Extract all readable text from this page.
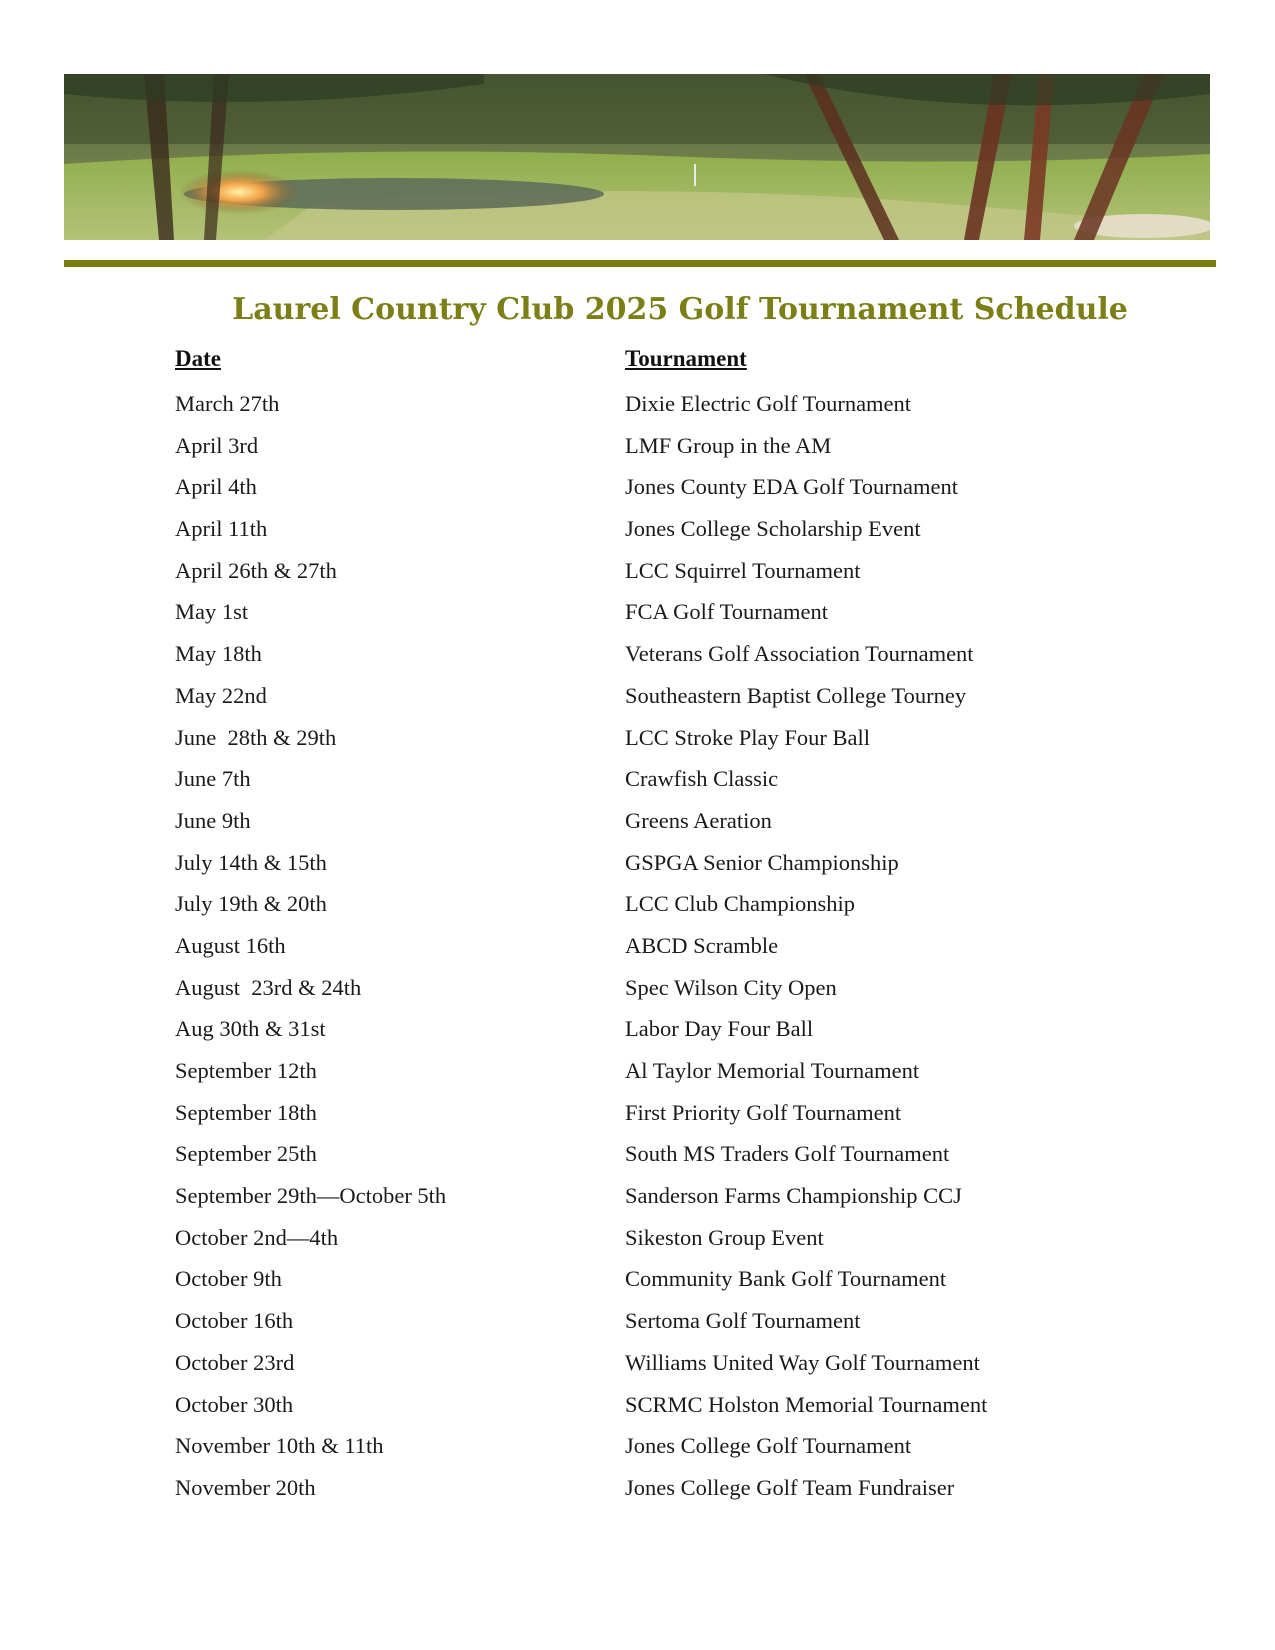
Laurel Country Club 2025 Golf Tournament Schedule
Date	Tournament
March 27th	Dixie Electric Golf Tournament
April 3rd	LMF Group in the AM
April 4th	Jones County EDA Golf Tournament
April 11th	Jones College Scholarship Event
April 26th & 27th	LCC Squirrel Tournament
May 1st	FCA Golf Tournament
May 18th	Veterans Golf Association Tournament
May 22nd	Southeastern Baptist College Tourney
June  28th & 29th	LCC Stroke Play Four Ball
June 7th	Crawfish Classic
June 9th	Greens Aeration
July 14th & 15th	GSPGA Senior Championship
July 19th & 20th	LCC Club Championship
August 16th	ABCD Scramble
August  23rd & 24th	Spec Wilson City Open
Aug 30th & 31st	Labor Day Four Ball
September 12th	Al Taylor Memorial Tournament
September 18th	First Priority Golf Tournament
September 25th	South MS Traders Golf Tournament
September 29th—October 5th	Sanderson Farms Championship CCJ
October 2nd—4th	Sikeston Group Event
October 9th	Community Bank Golf Tournament
October 16th	Sertoma Golf Tournament
October 23rd	Williams United Way Golf Tournament
October 30th	SCRMC Holston Memorial Tournament
November 10th & 11th	Jones College Golf Tournament
November 20th	Jones College Golf Team Fundraiser
